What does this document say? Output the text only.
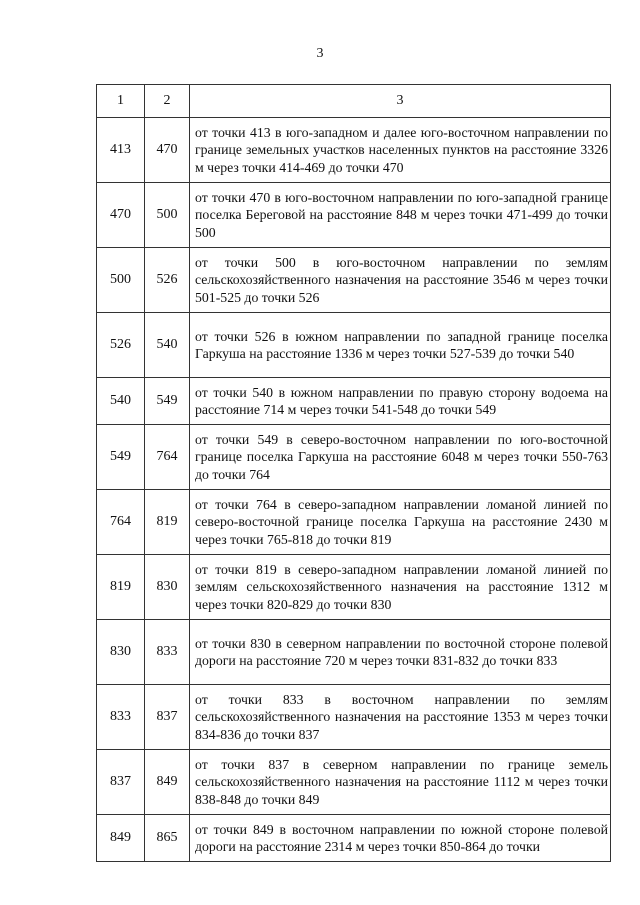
3
1	2	3
413	470	от точки 413 в юго-западном и далее юго-восточном направлении по границе земельных участков населенных пунктов на расстояние 3326 м через точки 414-469 до точки 470
470	500	от точки 470 в юго-восточном направлении по юго-западной границе поселка Береговой на расстояние 848 м через точки 471-499 до точки 500
500	526	от точки 500 в юго-восточном направлении по землям сельскохозяйственного назначения на расстояние 3546 м через точки 501-525 до точки 526
526	540	от точки 526 в южном направлении по западной границе поселка Гаркуша на расстояние 1336 м через точки 527-539 до точки 540
540	549	от точки 540 в южном направлении по правую сторону водоема на расстояние 714 м через точки 541-548 до точки 549
549	764	от точки 549 в северо-восточном направлении по юго-восточной границе поселка Гаркуша на расстояние 6048 м через точки 550-763 до точки 764
764	819	от точки 764 в северо-западном направлении ломаной линией по северо-восточной границе поселка Гаркуша на расстояние 2430 м через точки 765-818 до точки 819
819	830	от точки 819 в северо-западном направлении ломаной линией по землям сельскохозяйственного назначения на расстояние 1312 м через точки 820-829 до точки 830
830	833	от точки 830 в северном направлении по восточной стороне полевой дороги на расстояние 720 м через точки 831-832 до точки 833
833	837	от точки 833 в восточном направлении по землям сельскохозяйственного назначения на расстояние 1353 м через точки 834-836 до точки 837
837	849	от точки 837 в северном направлении по границе земель сельскохозяйственного назначения на расстояние 1112 м через точки 838-848 до точки 849
849	865	от точки 849 в восточном направлении по южной стороне полевой дороги на расстояние 2314 м через точки 850-864 до точки
